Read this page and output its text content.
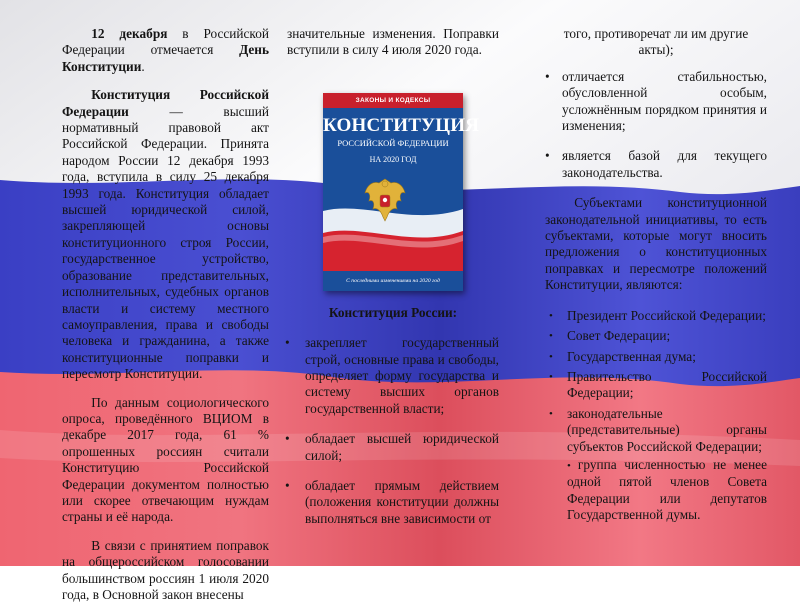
12 декабря в Российской Федерации отмечается День Конституции.

Конституция Российской Федерации — высший нормативный правовой акт Российской Федерации. Принята народом России 12 декабря 1993 года, вступила в силу 25 декабря 1993 года. Конституция обладает высшей юридической силой, закрепляющей основы конституционного строя России, государственное устройство, образование представительных, исполнительных, судебных органов власти и систему местного самоуправления, права и свободы человека и гражданина, а также конституционные поправки и пересмотр Конституции.

По данным социологического опроса, проведённого ВЦИОМ в декабре 2017 года, 61 % опрошенных россиян считали Конституцию Российской Федерации документом полностью или скорее отвечающим нуждам страны и её народа.

В связи с принятием поправок на общероссийском голосовании большинством россиян 1 июля 2020 года, в Основной закон внесены

значительные изменения. Поправки вступили в силу 4 июля 2020 года.

Конституция России:
• закрепляет государственный строй, основные права и свободы, определяет форму государства и систему высших органов государственной власти;
• обладает высшей юридической силой;
• обладает прямым действием (положения конституции должны выполняться вне зависимости от
ЗАКОНЫ И КОДЕКСЫ
КОНСТИТУЦИЯ
РОССИЙСКОЙ ФЕДЕРАЦИИ
НА 2020 ГОД
С последними изменениями на 2020 год

того, противоречат ли им другие акты);

• отличается стабильностью, обусловленной особым, усложнённым порядком принятия и изменения;
• является базой для текущего законодательства.

Субъектами конституционной законодательной инициативы, то есть субъектами, которые могут вносить предложения о конституционных поправках и пересмотре положений Конституции, являются:

• Президент Российской Федерации;
• Совет Федерации;
• Государственная дума;
• Правительство Российской Федерации;
• законодательные (представительные) органы субъектов Российской Федерации;

• группа численностью не менее одной пятой членов Совета Федерации или депутатов Государственной думы.
